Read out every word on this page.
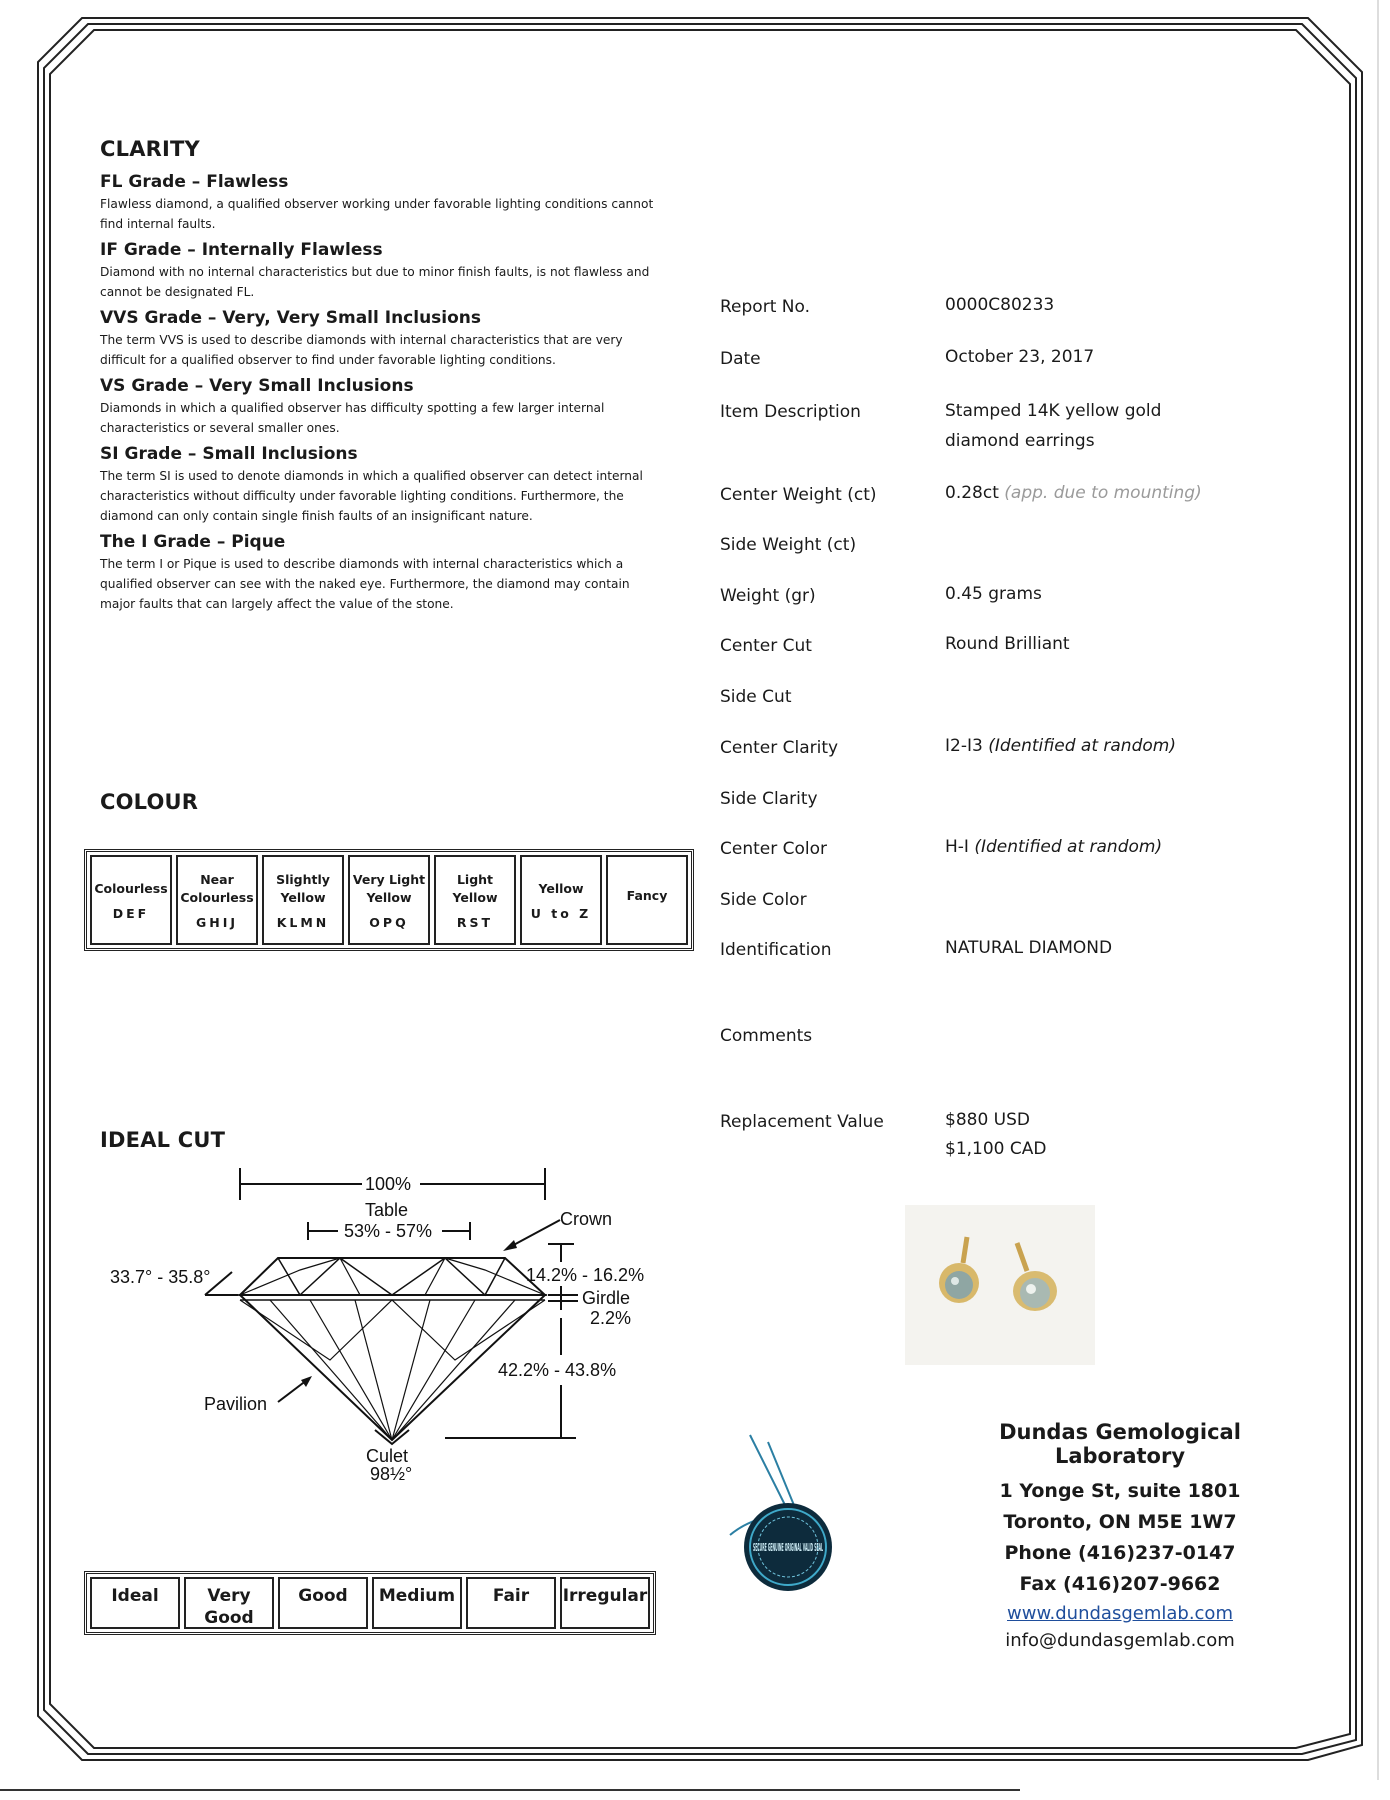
CLARITY
FL Grade – Flawless
Flawless diamond, a qualified observer working under favorable lighting conditions cannot find internal faults.
IF Grade – Internally Flawless
Diamond with no internal characteristics but due to minor finish faults, is not flawless and cannot be designated FL.
VVS Grade – Very, Very Small Inclusions
The term VVS is used to describe diamonds with internal characteristics that are very difficult for a qualified observer to find under favorable lighting conditions.
VS Grade – Very Small Inclusions
Diamonds in which a qualified observer has difficulty spotting a few larger internal characteristics or several smaller ones.
SI Grade – Small Inclusions
The term SI is used to denote diamonds in which a qualified observer can detect internal characteristics without difficulty under favorable lighting conditions. Furthermore, the diamond can only contain single finish faults of an insignificant nature.
The I Grade – Pique
The term I or Pique is used to describe diamonds with internal characteristics which a qualified observer can see with the naked eye. Furthermore, the diamond may contain major faults that can largely affect the value of the stone.
COLOUR
Colourless
DEF
Near Colourless
GHIJ
Slightly Yellow
KLMN
Very Light Yellow
OPQ
Light Yellow
RST
Yellow
U to Z
Fancy
IDEAL CUT
100%
Table
53% - 57%
Crown
33.7° - 35.8°	14.2% - 16.2%
Girdle
2.2%
42.2% - 43.8%
Pavilion
Culet
98½°
Ideal	Very Good
Good	Medium	Fair	Irregular
Report No.	0000C80233
Date	October 23, 2017
Item Description	Stamped 14K yellow gold
diamond earrings
Center Weight (ct)	0.28ct (app. due to mounting)
Side Weight (ct)
Weight (gr)	0.45 grams
Center Cut	Round Brilliant
Side Cut
Center Clarity	I2-I3 (Identified at random)
Side Clarity
Center Color	H-I (Identified at random)
Side Color
Identification	NATURAL DIAMOND
Comments
Replacement Value	$880 USD
$1,100 CAD
SECURE GENUINE ORIGINAL VALID SEAL
Dundas Gemological Laboratory
1 Yonge St, suite 1801
Toronto, ON M5E 1W7
Phone (416)237-0147
Fax (416)207-9662
www.dundasgemlab.com
info@dundasgemlab.com
